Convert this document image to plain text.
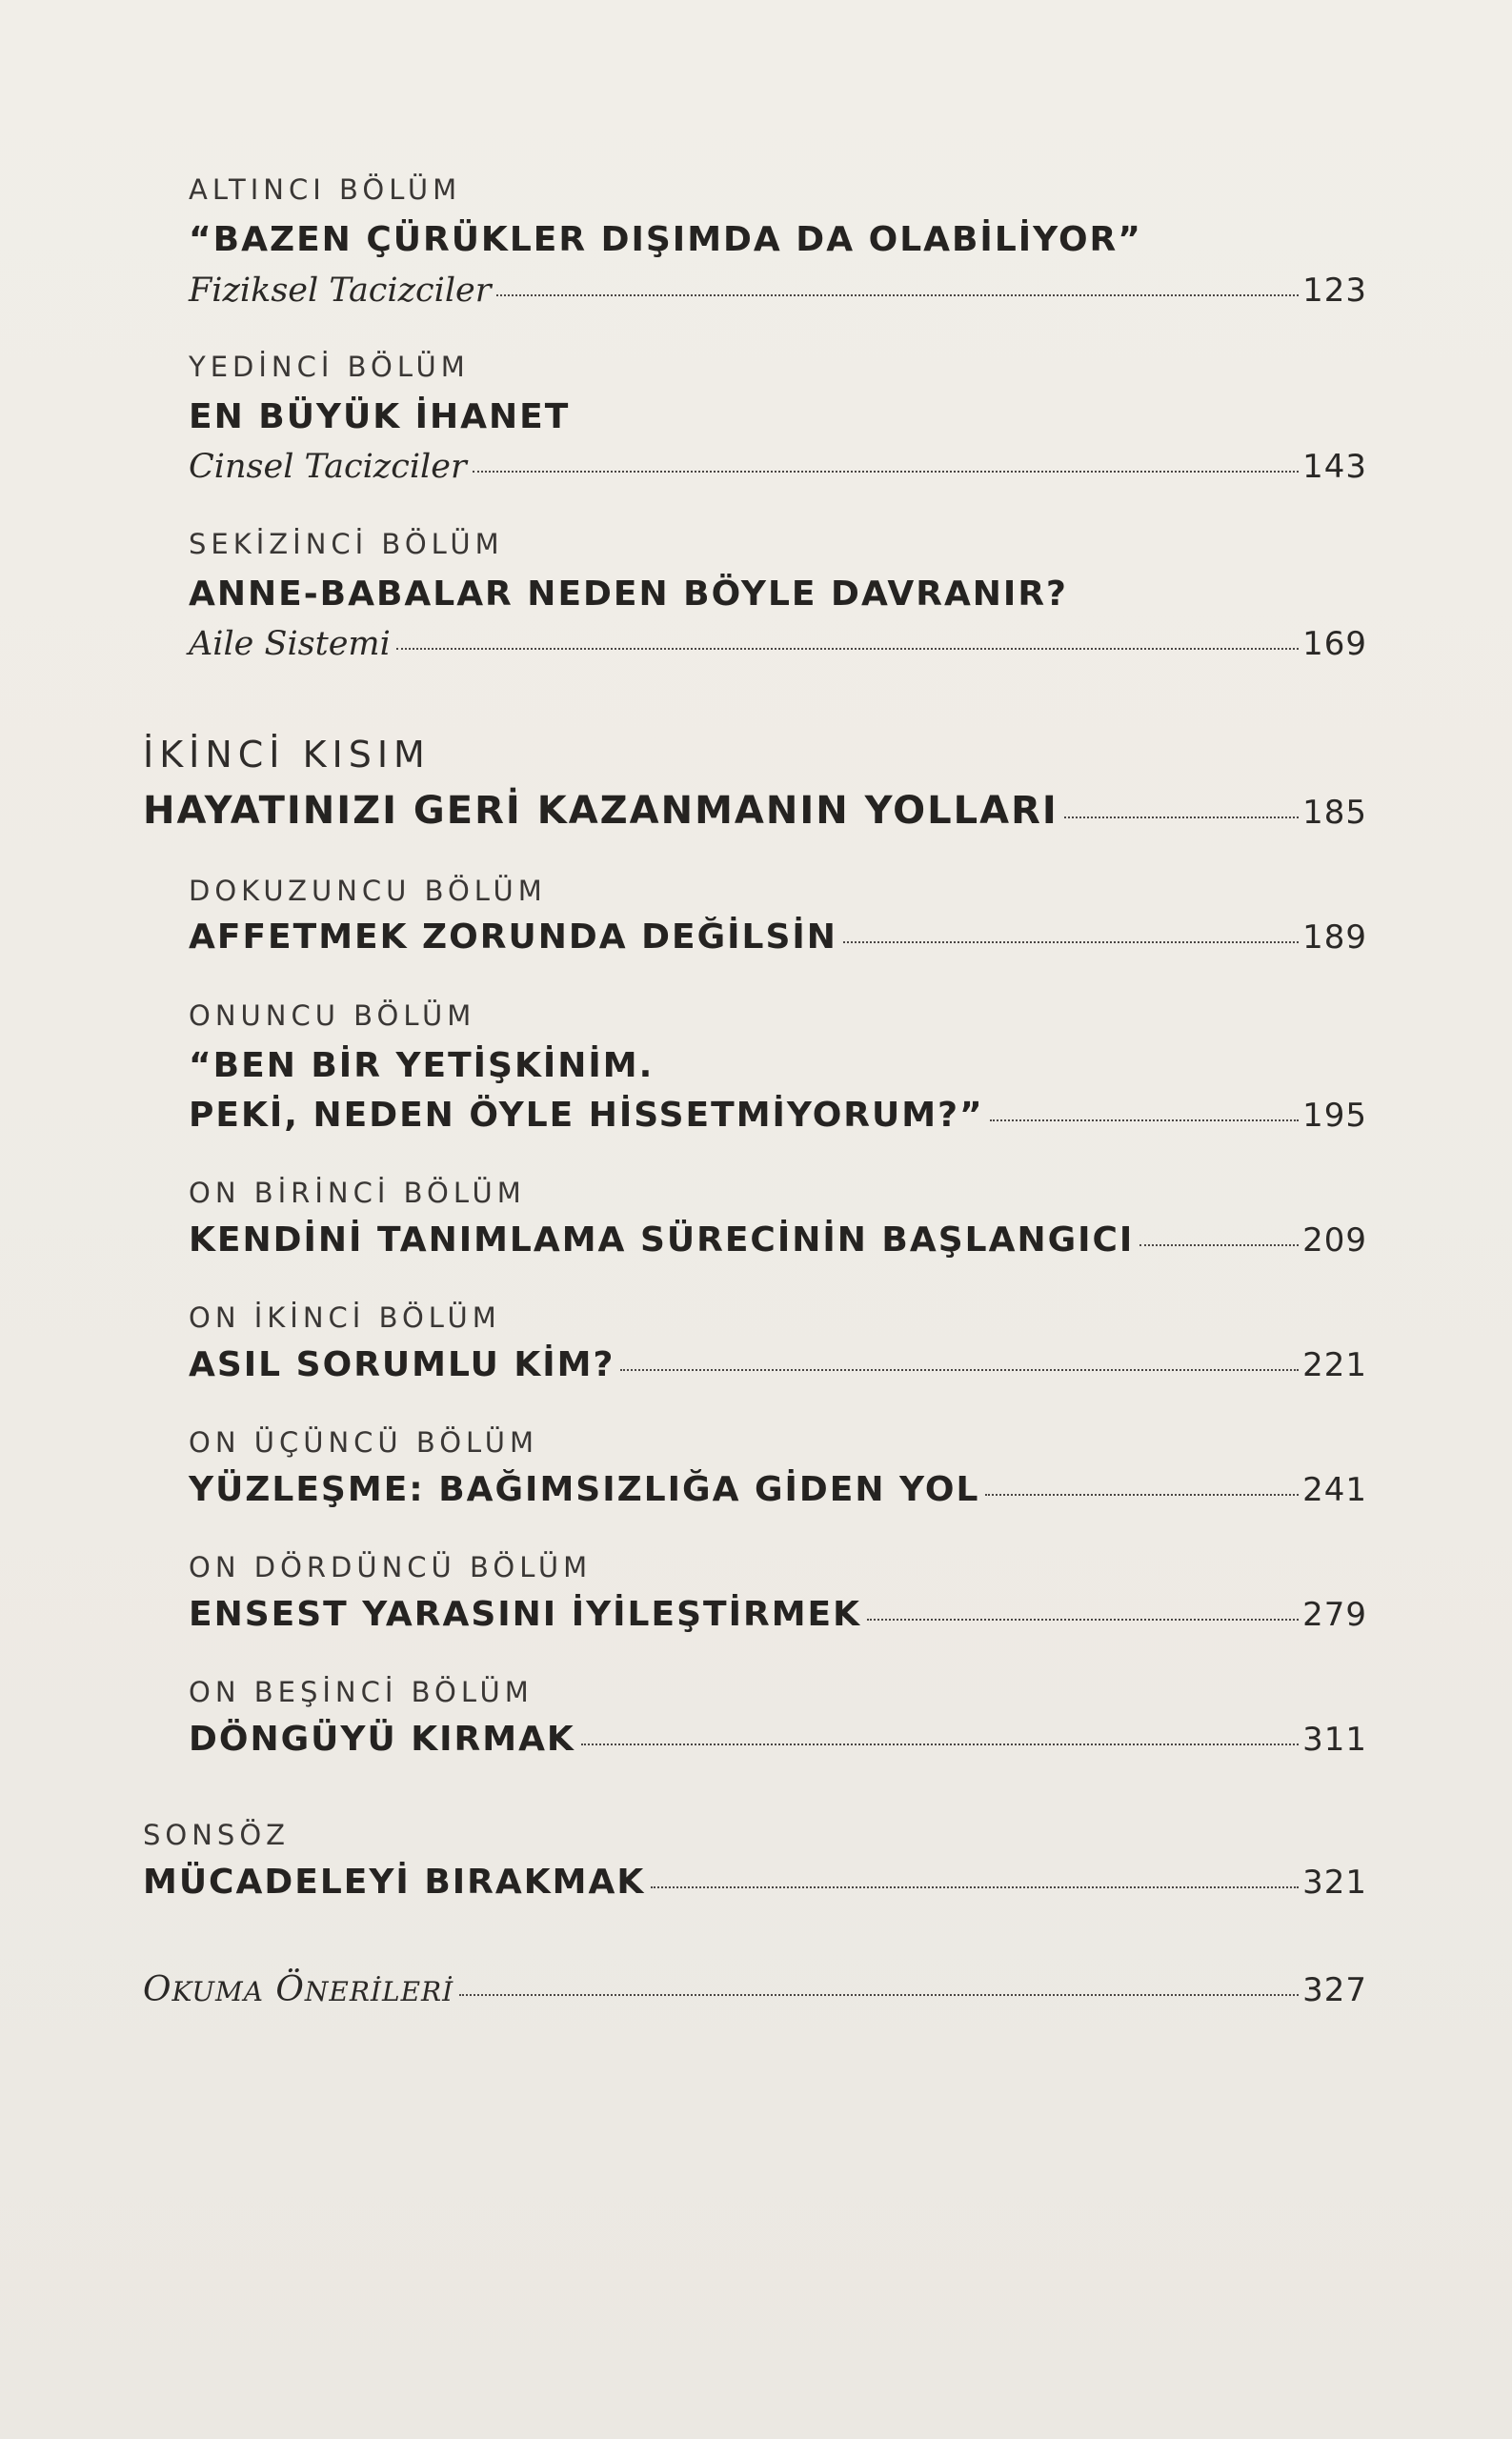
ALTINCI BÖLÜM
“BAZEN ÇÜRÜKLER DIŞIMDA DA OLABİLİYOR”
Fiziksel Tacizciler	123
YEDİNCİ BÖLÜM
EN BÜYÜK İHANET
Cinsel Tacizciler	143
SEKİZİNCİ BÖLÜM
ANNE-BABALAR NEDEN BÖYLE DAVRANIR?
Aile Sistemi	169
İKİNCİ KISIM
HAYATINIZI GERİ KAZANMANIN YOLLARI	185
DOKUZUNCU BÖLÜM
AFFETMEK ZORUNDA DEĞİLSİN	189
ONUNCU BÖLÜM
“BEN BİR YETİŞKİNİM.
PEKİ, NEDEN ÖYLE HİSSETMİYORUM?”	195
ON BİRİNCİ BÖLÜM
KENDİNİ TANIMLAMA SÜRECİNİN BAŞLANGICI	209
ON İKİNCİ BÖLÜM
ASIL SORUMLU KİM?	221
ON ÜÇÜNCÜ BÖLÜM
YÜZLEŞME: BAĞIMSIZLIĞA GİDEN YOL	241
ON DÖRDÜNCÜ BÖLÜM
ENSEST YARASINI İYİLEŞTİRMEK	279
ON BEŞİNCİ BÖLÜM
DÖNGÜYÜ KIRMAK	311
SONSÖZ
MÜCADELEYİ BIRAKMAK	321
OKUMA ÖNERİLERİ	327
